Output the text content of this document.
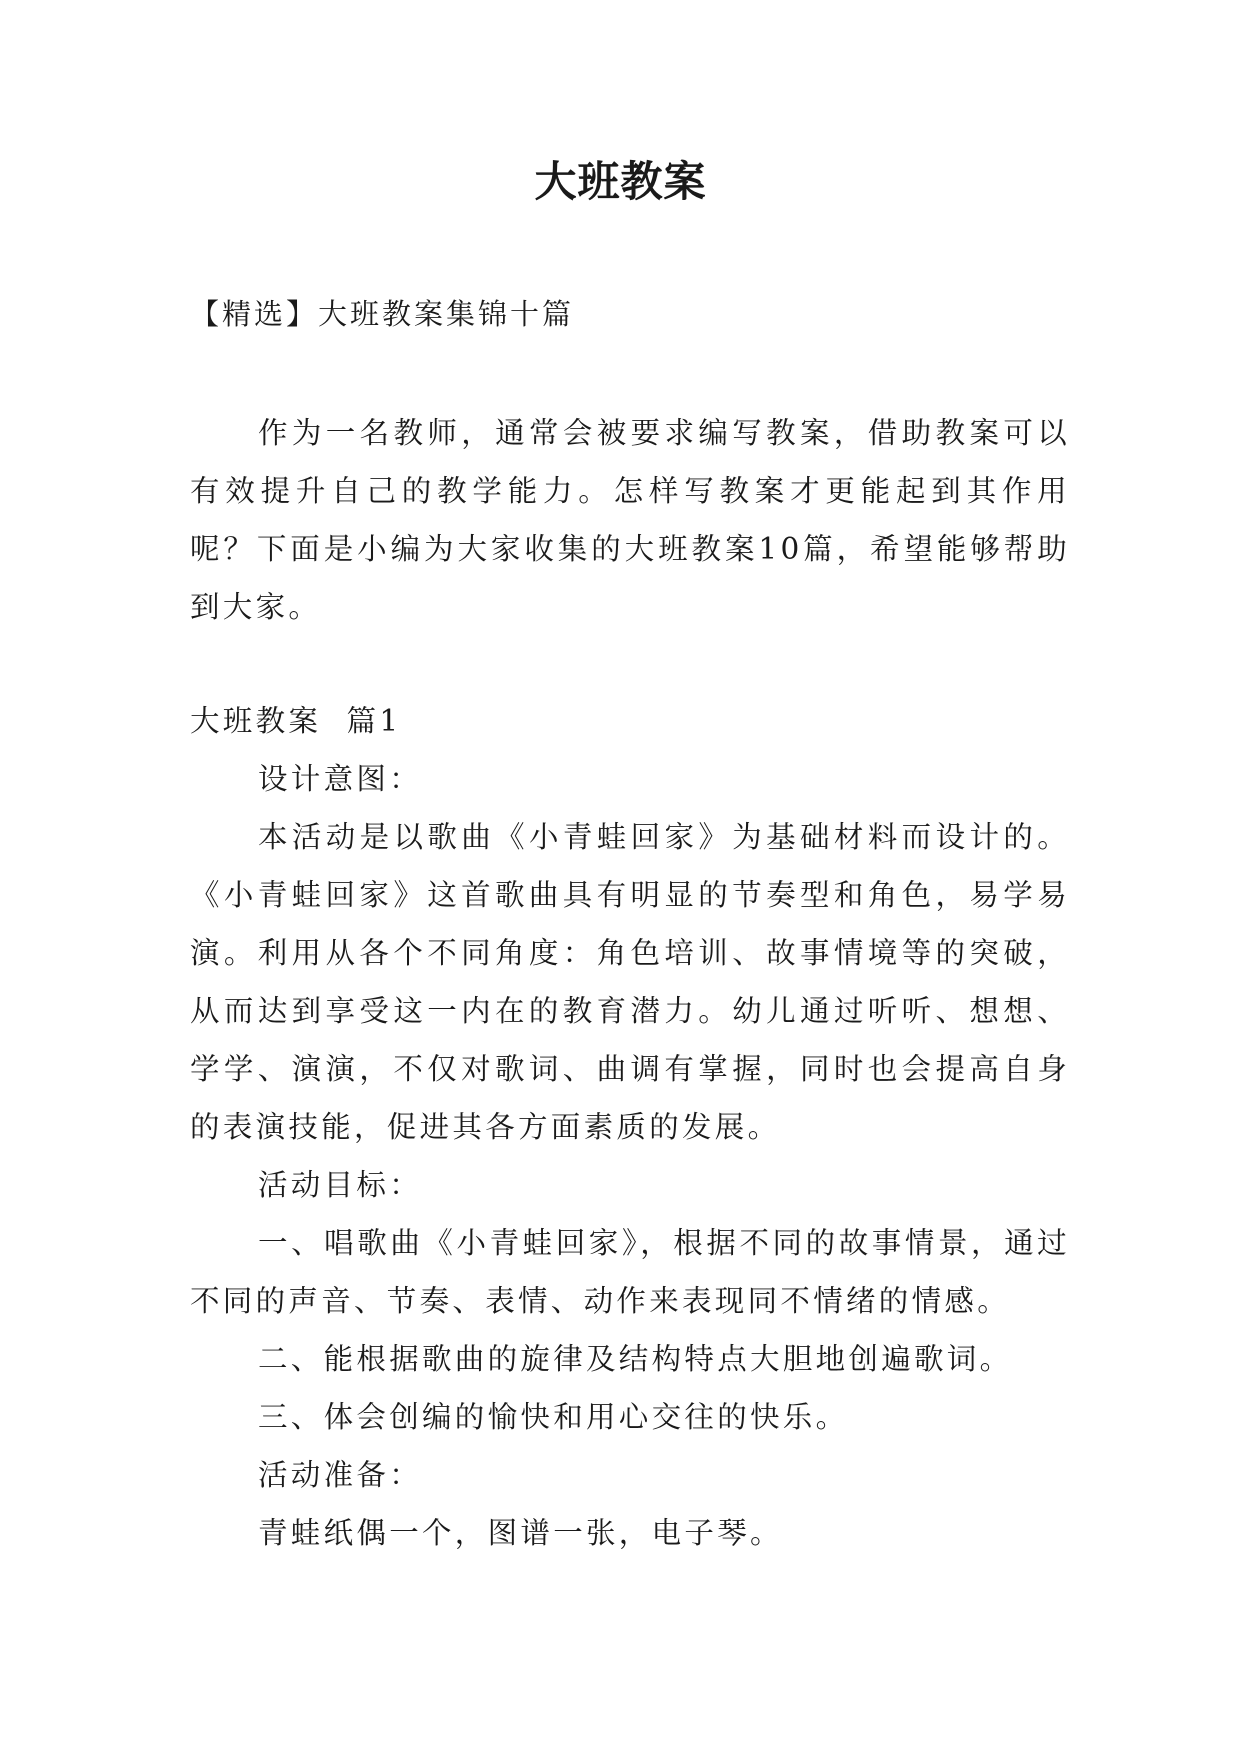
大班教案

【精选】大班教案集锦十篇

作为一名教师，通常会被要求编写教案，借助教案可以有效提升自己的教学能力。怎样写教案才更能起到其作用呢？下面是小编为大家收集的大班教案10篇，希望能够帮助到大家。

大班教案  篇1
设计意图：
本活动是以歌曲《小青蛙回家》为基础材料而设计的。《小青蛙回家》这首歌曲具有明显的节奏型和角色，易学易演。利用从各个不同角度：角色培训、故事情境等的突破，从而达到享受这一内在的教育潜力。幼儿通过听听、想想、学学、演演，不仅对歌词、曲调有掌握，同时也会提高自身的表演技能，促进其各方面素质的发展。
活动目标：
一、唱歌曲《小青蛙回家》，根据不同的故事情景，通过不同的声音、节奏、表情、动作来表现同不情绪的情感。
二、能根据歌曲的旋律及结构特点大胆地创遍歌词。
三、体会创编的愉快和用心交往的快乐。
活动准备：
青蛙纸偶一个，图谱一张，电子琴。
